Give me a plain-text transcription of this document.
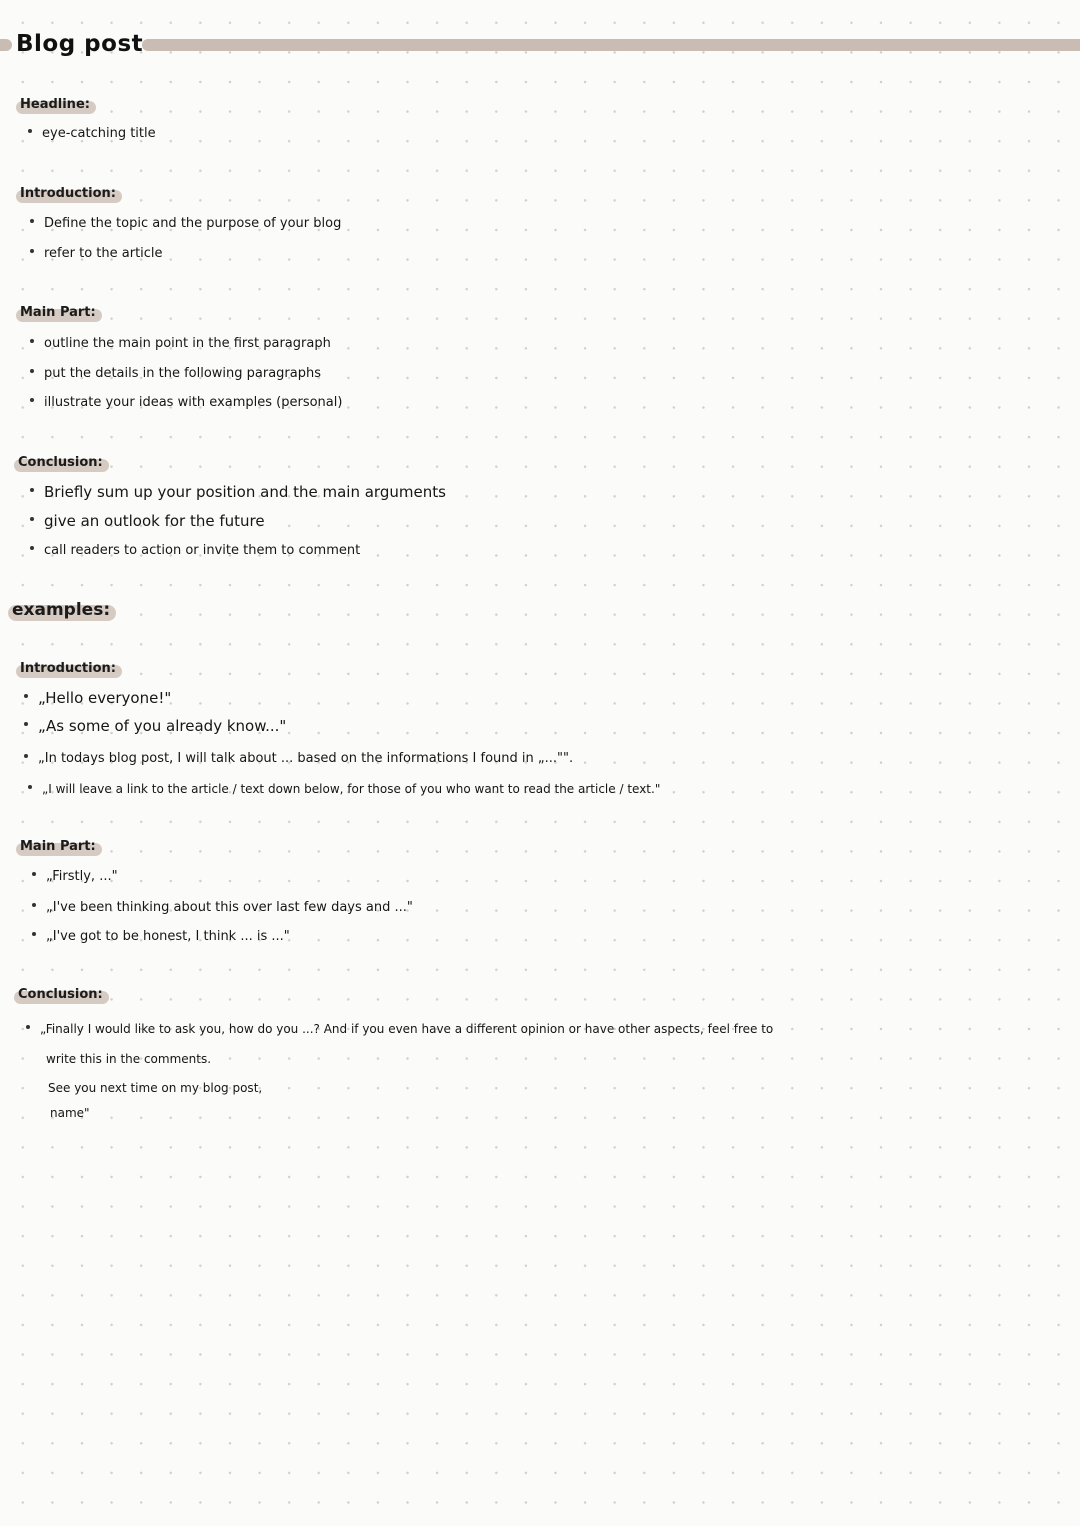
Blog post
Headline:
eye-catching title
Introduction:
Define the topic and the purpose of your blog
refer to the article
Main Part:
outline the main point in the first paragraph
put the details in the following paragraphs
illustrate your ideas with examples (personal)
Conclusion:
Briefly sum up your position and the main arguments
give an outlook for the future
call readers to action or invite them to comment
examples:
Introduction:
„Hello everyone!"
„As some of you already know..."
„In todays blog post, I will talk about ... based on the informations I found in „..."".
„I will leave a link to the article / text down below, for those of you who want to read the article / text."
Main Part:
„Firstly, ..."
„I've been thinking about this over last few days and ..."
„I've got to be honest, I think ... is ..."
Conclusion:
„Finally I would like to ask you, how do you ...? And if you even have a different opinion or have other aspects, feel free to
write this in the comments.
See you next time on my blog post,
name"
